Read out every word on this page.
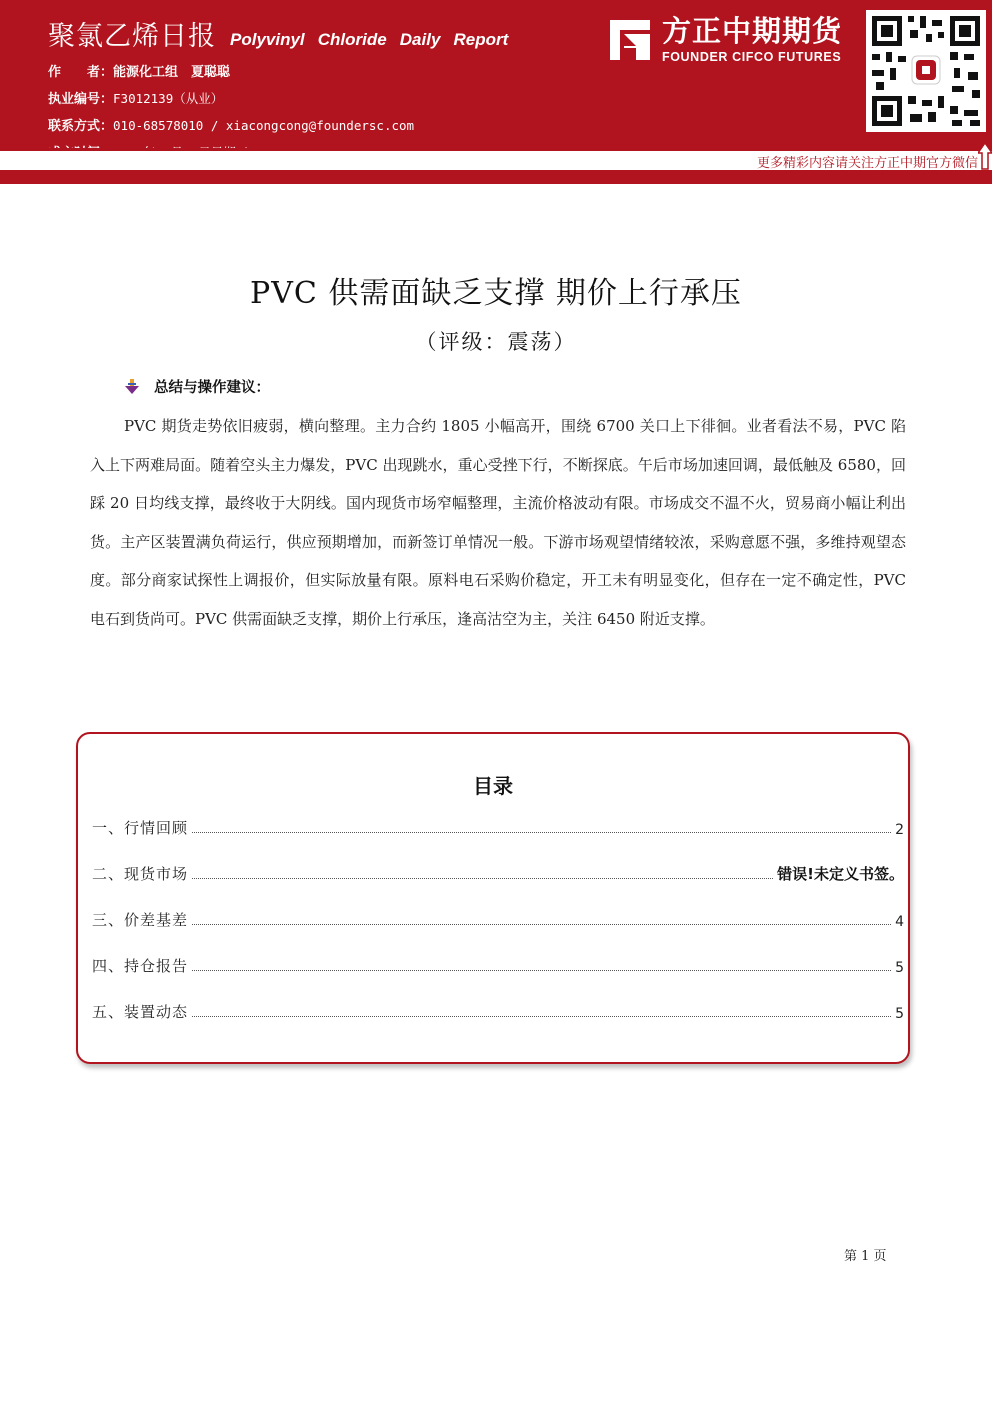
聚氯乙烯日报 Polyvinyl Chloride Daily Report
作　　者：能源化工组　夏聪聪
执业编号：F3012139（从业）
联系方式：010-68578010 / xiacongcong@foundersc.com
方正中期期货
FOUNDER CIFCO FUTURES
更多精彩内容请关注方正中期官方微信
PVC 供需面缺乏支撑 期价上行承压
（评级：震荡）
总结与操作建议：

PVC 期货走势依旧疲弱，横向整理。主力合约 1805 小幅高开，围绕 6700 关口上下徘徊。业者看法不易，PVC 陷入上下两难局面。随着空头主力爆发，PVC 出现跳水，重心受挫下行，不断探底。午后市场加速回调，最低触及 6580，回踩 20 日均线支撑，最终收于大阴线。国内现货市场窄幅整理，主流价格波动有限。市场成交不温不火，贸易商小幅让利出货。主产区装置满负荷运行，供应预期增加，而新签订单情况一般。下游市场观望情绪较浓，采购意愿不强，多维持观望态度。部分商家试探性上调报价，但实际放量有限。原料电石采购价稳定，开工未有明显变化，但存在一定不确定性，PVC 电石到货尚可。PVC 供需面缺乏支撑，期价上行承压，逢高沽空为主，关注 6450 附近支撑。

目录
一、行情回顾	2
二、现货市场	错误!未定义书签。
三、价差基差	4
四、持仓报告	5
五、装置动态	5
第 1 页
